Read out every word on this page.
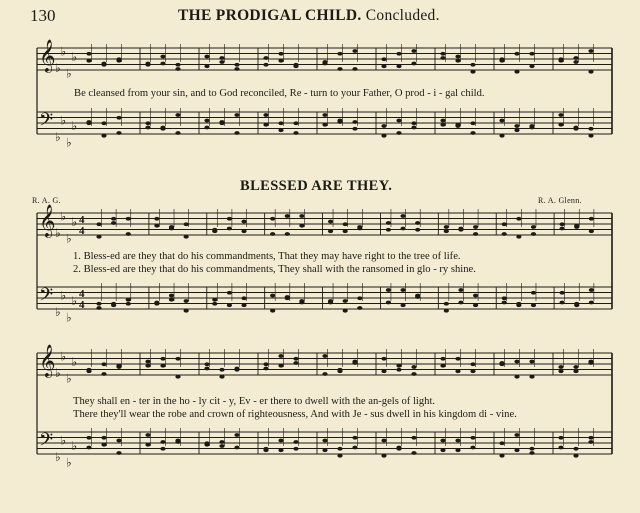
130	THE PRODIGAL CHILD. Concluded.
𝄞
𝄢
♭
♭
♭
♭
♭
♭
♭
♭
𝄞
𝄢
♭
♭
♭
♭
♭
♭
♭
♭
4
4
4
4
𝄞
𝄢
♭
♭
♭
♭
♭
♭
♭
♭
Be cleansed from your sin, and to God reconciled, Re - turn to your Father, O prod - i - gal child.
BLESSED ARE THEY.
R. A. G.	R. A. Glenn.
1. Bless-ed are they that do his commandments, That they may have right to the tree of life.
2. Bless-ed are they that do his commandments, They shall with the ransomed in glo - ry shine.
They shall en - ter in the ho - ly cit - y, Ev - er there to dwell with the an-gels of light.
There they'll wear the robe and crown of righteousness, And with Je - sus dwell in his kingdom di - vine.
